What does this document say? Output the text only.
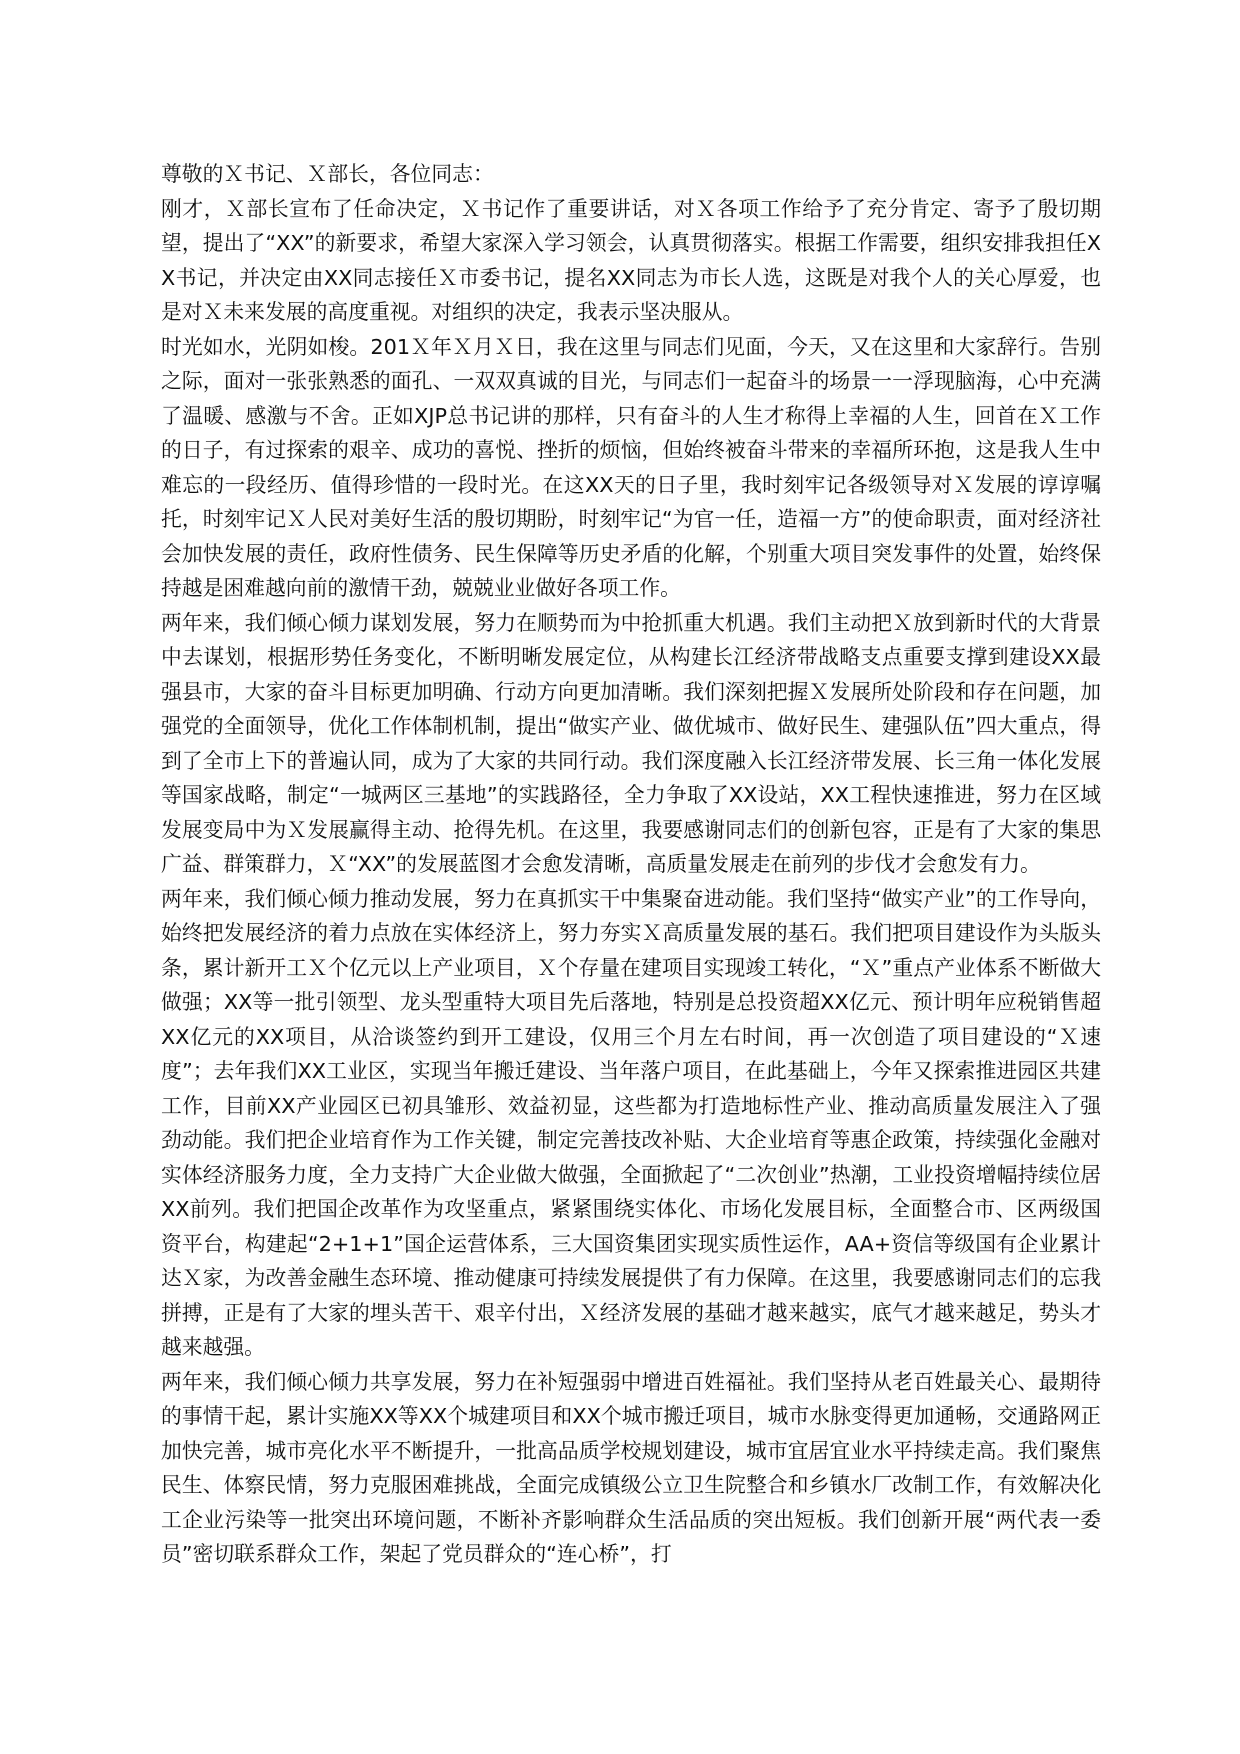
尊敬的Ｘ书记、Ｘ部长，各位同志：

刚才，Ｘ部长宣布了任命决定，Ｘ书记作了重要讲话，对Ｘ各项工作给予了充分肯定、寄予了殷切期望，提出了“XX”的新要求，希望大家深入学习领会，认真贯彻落实。根据工作需要，组织安排我担任XX书记，并决定由XX同志接任Ｘ市委书记，提名XX同志为市长人选，这既是对我个人的关心厚爱，也是对Ｘ未来发展的高度重视。对组织的决定，我表示坚决服从。

时光如水，光阴如梭。201Ｘ年Ｘ月Ｘ日，我在这里与同志们见面，今天，又在这里和大家辞行。告别之际，面对一张张熟悉的面孔、一双双真诚的目光，与同志们一起奋斗的场景一一浮现脑海，心中充满了温暖、感激与不舍。正如XJP总书记讲的那样，只有奋斗的人生才称得上幸福的人生，回首在Ｘ工作的日子，有过探索的艰辛、成功的喜悦、挫折的烦恼，但始终被奋斗带来的幸福所环抱，这是我人生中难忘的一段经历、值得珍惜的一段时光。在这XX天的日子里，我时刻牢记各级领导对Ｘ发展的谆谆嘱托，时刻牢记Ｘ人民对美好生活的殷切期盼，时刻牢记“为官一任，造福一方”的使命职责，面对经济社会加快发展的责任，政府性债务、民生保障等历史矛盾的化解，个别重大项目突发事件的处置，始终保持越是困难越向前的激情干劲，兢兢业业做好各项工作。

两年来，我们倾心倾力谋划发展，努力在顺势而为中抢抓重大机遇。我们主动把Ｘ放到新时代的大背景中去谋划，根据形势任务变化，不断明晰发展定位，从构建长江经济带战略支点重要支撑到建设XX最强县市，大家的奋斗目标更加明确、行动方向更加清晰。我们深刻把握Ｘ发展所处阶段和存在问题，加强党的全面领导，优化工作体制机制，提出“做实产业、做优城市、做好民生、建强队伍”四大重点，得到了全市上下的普遍认同，成为了大家的共同行动。我们深度融入长江经济带发展、长三角一体化发展等国家战略，制定“一城两区三基地”的实践路径，全力争取了XX设站，XX工程快速推进，努力在区域发展变局中为Ｘ发展赢得主动、抢得先机。在这里，我要感谢同志们的创新包容，正是有了大家的集思广益、群策群力，Ｘ“XX”的发展蓝图才会愈发清晰，高质量发展走在前列的步伐才会愈发有力。

两年来，我们倾心倾力推动发展，努力在真抓实干中集聚奋进动能。我们坚持“做实产业”的工作导向，始终把发展经济的着力点放在实体经济上，努力夯实Ｘ高质量发展的基石。我们把项目建设作为头版头条，累计新开工Ｘ个亿元以上产业项目，Ｘ个存量在建项目实现竣工转化，“Ｘ”重点产业体系不断做大做强；XX等一批引领型、龙头型重特大项目先后落地，特别是总投资超XX亿元、预计明年应税销售超XX亿元的XX项目，从洽谈签约到开工建设，仅用三个月左右时间，再一次创造了项目建设的“Ｘ速度”；去年我们XX工业区，实现当年搬迁建设、当年落户项目，在此基础上，今年又探索推进园区共建工作，目前XX产业园区已初具雏形、效益初显，这些都为打造地标性产业、推动高质量发展注入了强劲动能。我们把企业培育作为工作关键，制定完善技改补贴、大企业培育等惠企政策，持续强化金融对实体经济服务力度，全力支持广大企业做大做强，全面掀起了“二次创业”热潮，工业投资增幅持续位居XX前列。我们把国企改革作为攻坚重点，紧紧围绕实体化、市场化发展目标，全面整合市、区两级国资平台，构建起“2+1+1”国企运营体系，三大国资集团实现实质性运作，AA+资信等级国有企业累计达Ｘ家，为改善金融生态环境、推动健康可持续发展提供了有力保障。在这里，我要感谢同志们的忘我拼搏，正是有了大家的埋头苦干、艰辛付出，Ｘ经济发展的基础才越来越实，底气才越来越足，势头才越来越强。

两年来，我们倾心倾力共享发展，努力在补短强弱中增进百姓福祉。我们坚持从老百姓最关心、最期待的事情干起，累计实施XX等XX个城建项目和XX个城市搬迁项目，城市水脉变得更加通畅，交通路网正加快完善，城市亮化水平不断提升，一批高品质学校规划建设，城市宜居宜业水平持续走高。我们聚焦民生、体察民情，努力克服困难挑战，全面完成镇级公立卫生院整合和乡镇水厂改制工作，有效解决化工企业污染等一批突出环境问题，不断补齐影响群众生活品质的突出短板。我们创新开展“两代表一委员”密切联系群众工作，架起了党员群众的“连心桥”，打
